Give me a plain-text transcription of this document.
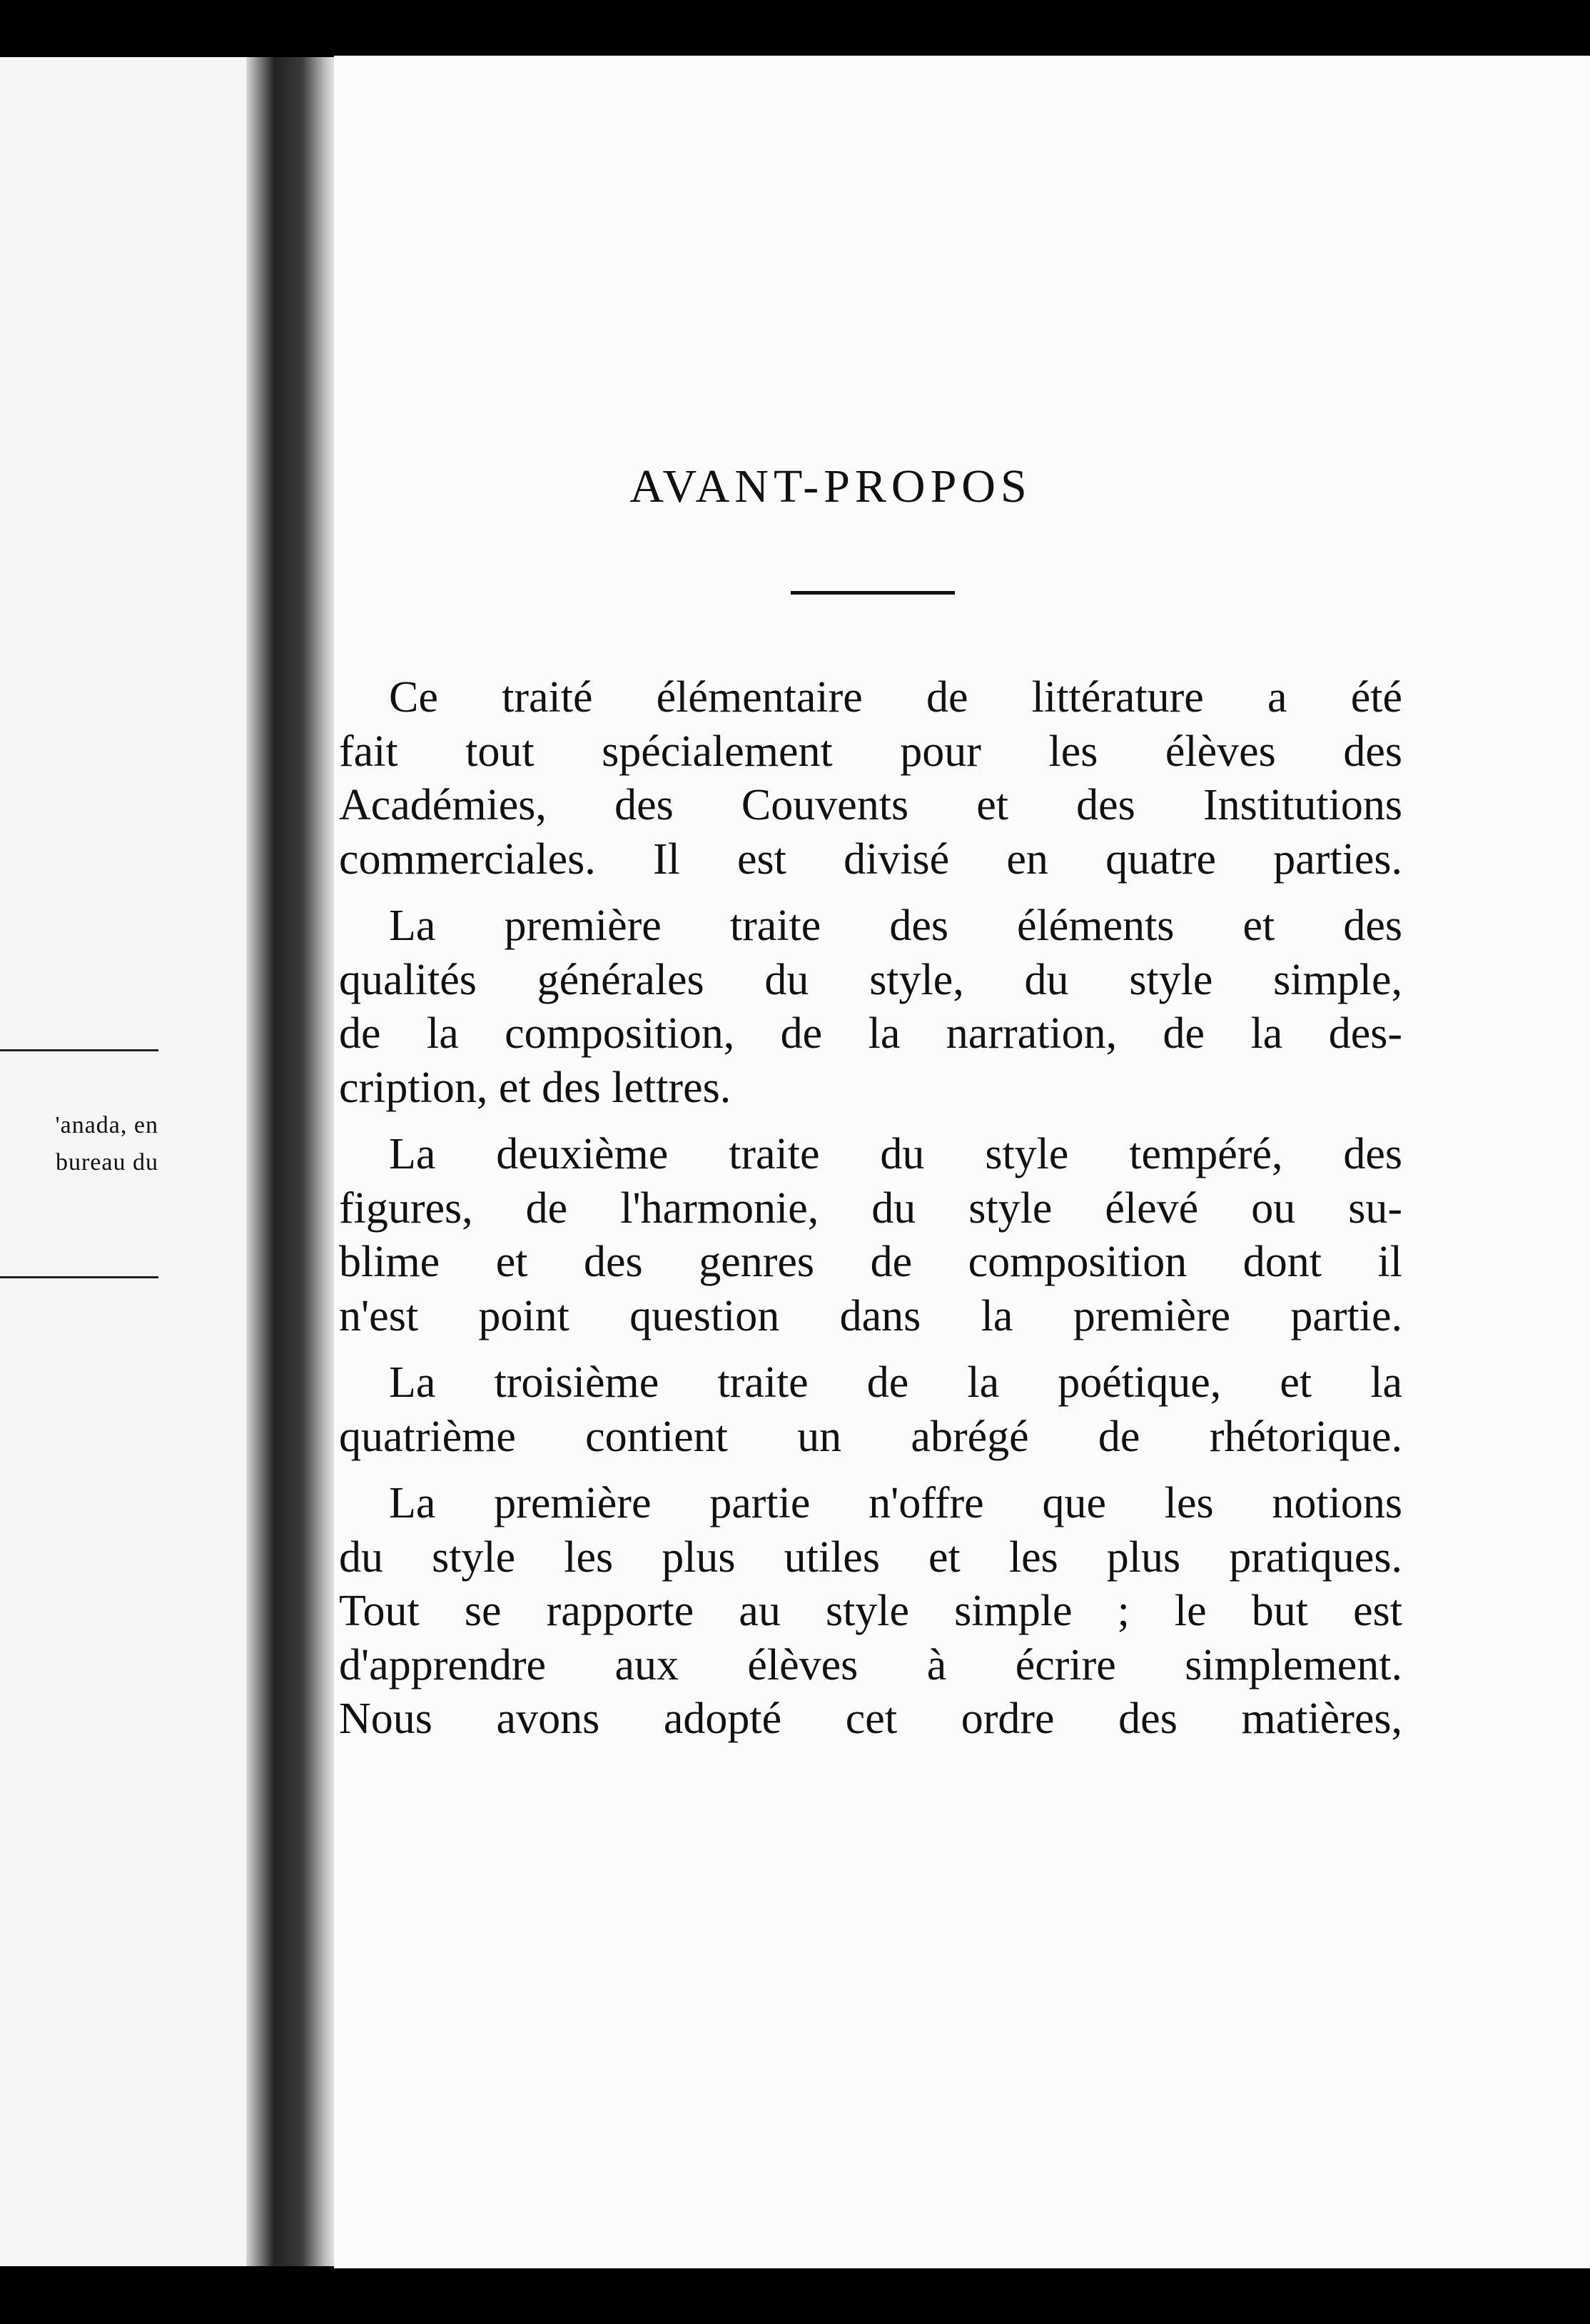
'anada, en
bureau du
AVANT-PROPOS
Ce traité élémentaire de littérature a été
fait tout spécialement pour les élèves des
Académies, des Couvents et des Institutions
commerciales. Il est divisé en quatre parties.
La première traite des éléments et des
qualités générales du style, du style simple,
de la composition, de la narration, de la des-
cription, et des lettres.
La deuxième traite du style tempéré, des
figures, de l'harmonie, du style élevé ou su-
blime et des genres de composition dont il
n'est point question dans la première partie.
La troisième traite de la poétique, et la
quatrième contient un abrégé de rhétorique.
La première partie n'offre que les notions
du style les plus utiles et les plus pratiques.
Tout se rapporte au style simple ; le but est
d'apprendre aux élèves à écrire simplement.
Nous avons adopté cet ordre des matières,
